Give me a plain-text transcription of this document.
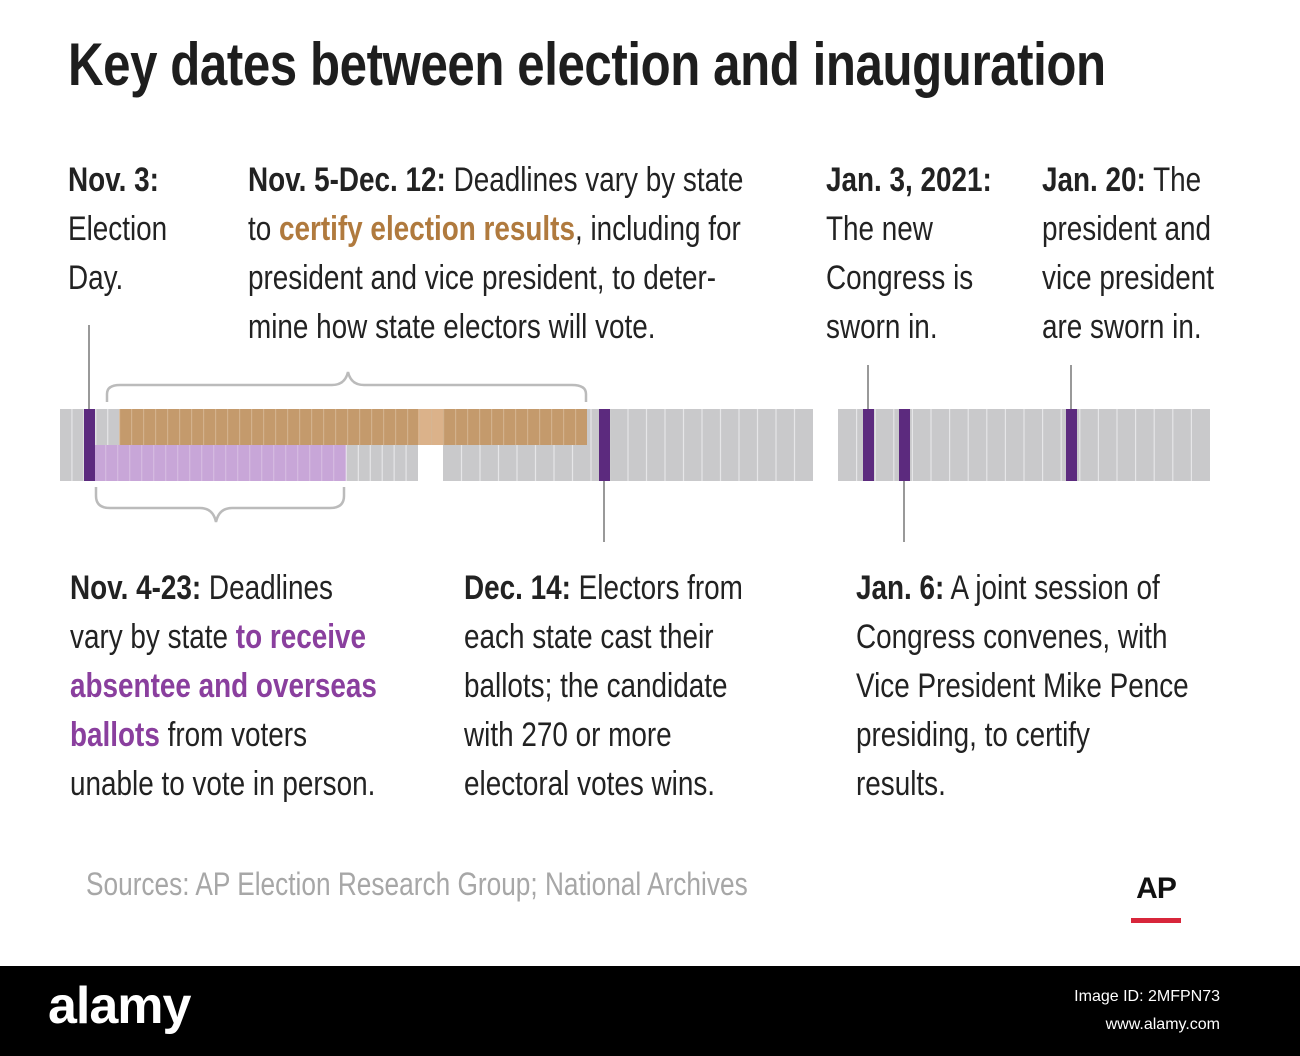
Key dates between election and inauguration
Nov. 3:
Election
Day.
Nov. 5-Dec. 12: Deadlines vary by state
to certify election results, including for
president and vice president, to deter-
mine how state electors will vote.
Jan. 3, 2021:
The new
Congress is
sworn in.
Jan. 20: The
president and
vice president
are sworn in.
Nov. 4-23: Deadlines
vary by state to receive
absentee and overseas
ballots from voters
unable to vote in person.
Dec. 14: Electors from
each state cast their
ballots; the candidate
with 270 or more
electoral votes wins.
Jan. 6: A joint session of
Congress convenes, with
Vice President Mike Pence
presiding, to certify
results.
Sources: AP Election Research Group; National Archives	AP
alamy	Image ID: 2MFPN73
www.alamy.com
